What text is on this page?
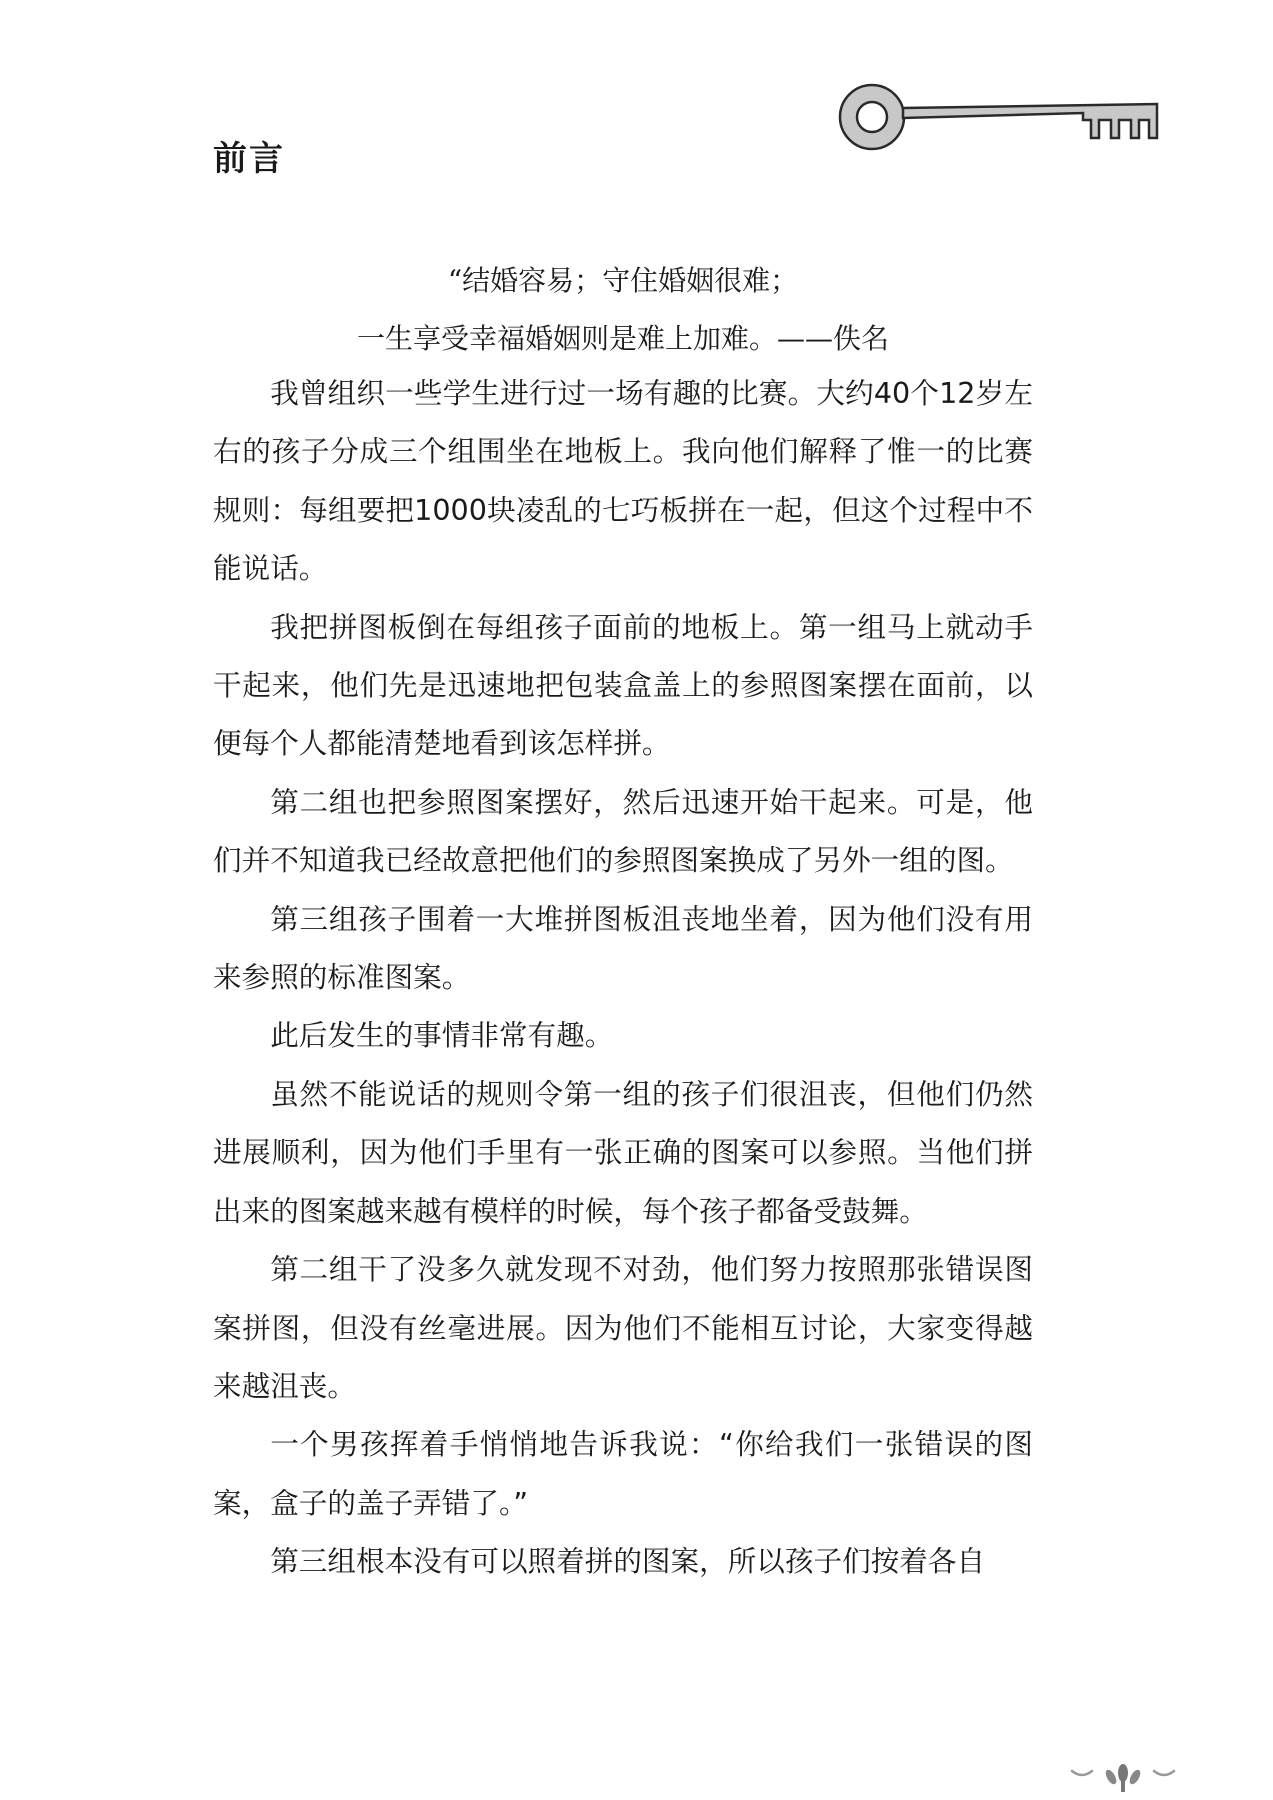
前言
“结婚容易；守住婚姻很难；
一生享受幸福婚姻则是难上加难。——佚名

我曾组织一些学生进行过一场有趣的比赛。大约40个12岁左右的孩子分成三个组围坐在地板上。我向他们解释了惟一的比赛规则：每组要把1000块凌乱的七巧板拼在一起，但这个过程中不能说话。

我把拼图板倒在每组孩子面前的地板上。第一组马上就动手干起来，他们先是迅速地把包装盒盖上的参照图案摆在面前，以便每个人都能清楚地看到该怎样拼。

第二组也把参照图案摆好，然后迅速开始干起来。可是，他们并不知道我已经故意把他们的参照图案换成了另外一组的图。

第三组孩子围着一大堆拼图板沮丧地坐着，因为他们没有用来参照的标准图案。

此后发生的事情非常有趣。

虽然不能说话的规则令第一组的孩子们很沮丧，但他们仍然进展顺利，因为他们手里有一张正确的图案可以参照。当他们拼出来的图案越来越有模样的时候，每个孩子都备受鼓舞。

第二组干了没多久就发现不对劲，他们努力按照那张错误图案拼图，但没有丝毫进展。因为他们不能相互讨论，大家变得越来越沮丧。

一个男孩挥着手悄悄地告诉我说：“你给我们一张错误的图案，盒子的盖子弄错了。”

第三组根本没有可以照着拼的图案，所以孩子们按着各自
